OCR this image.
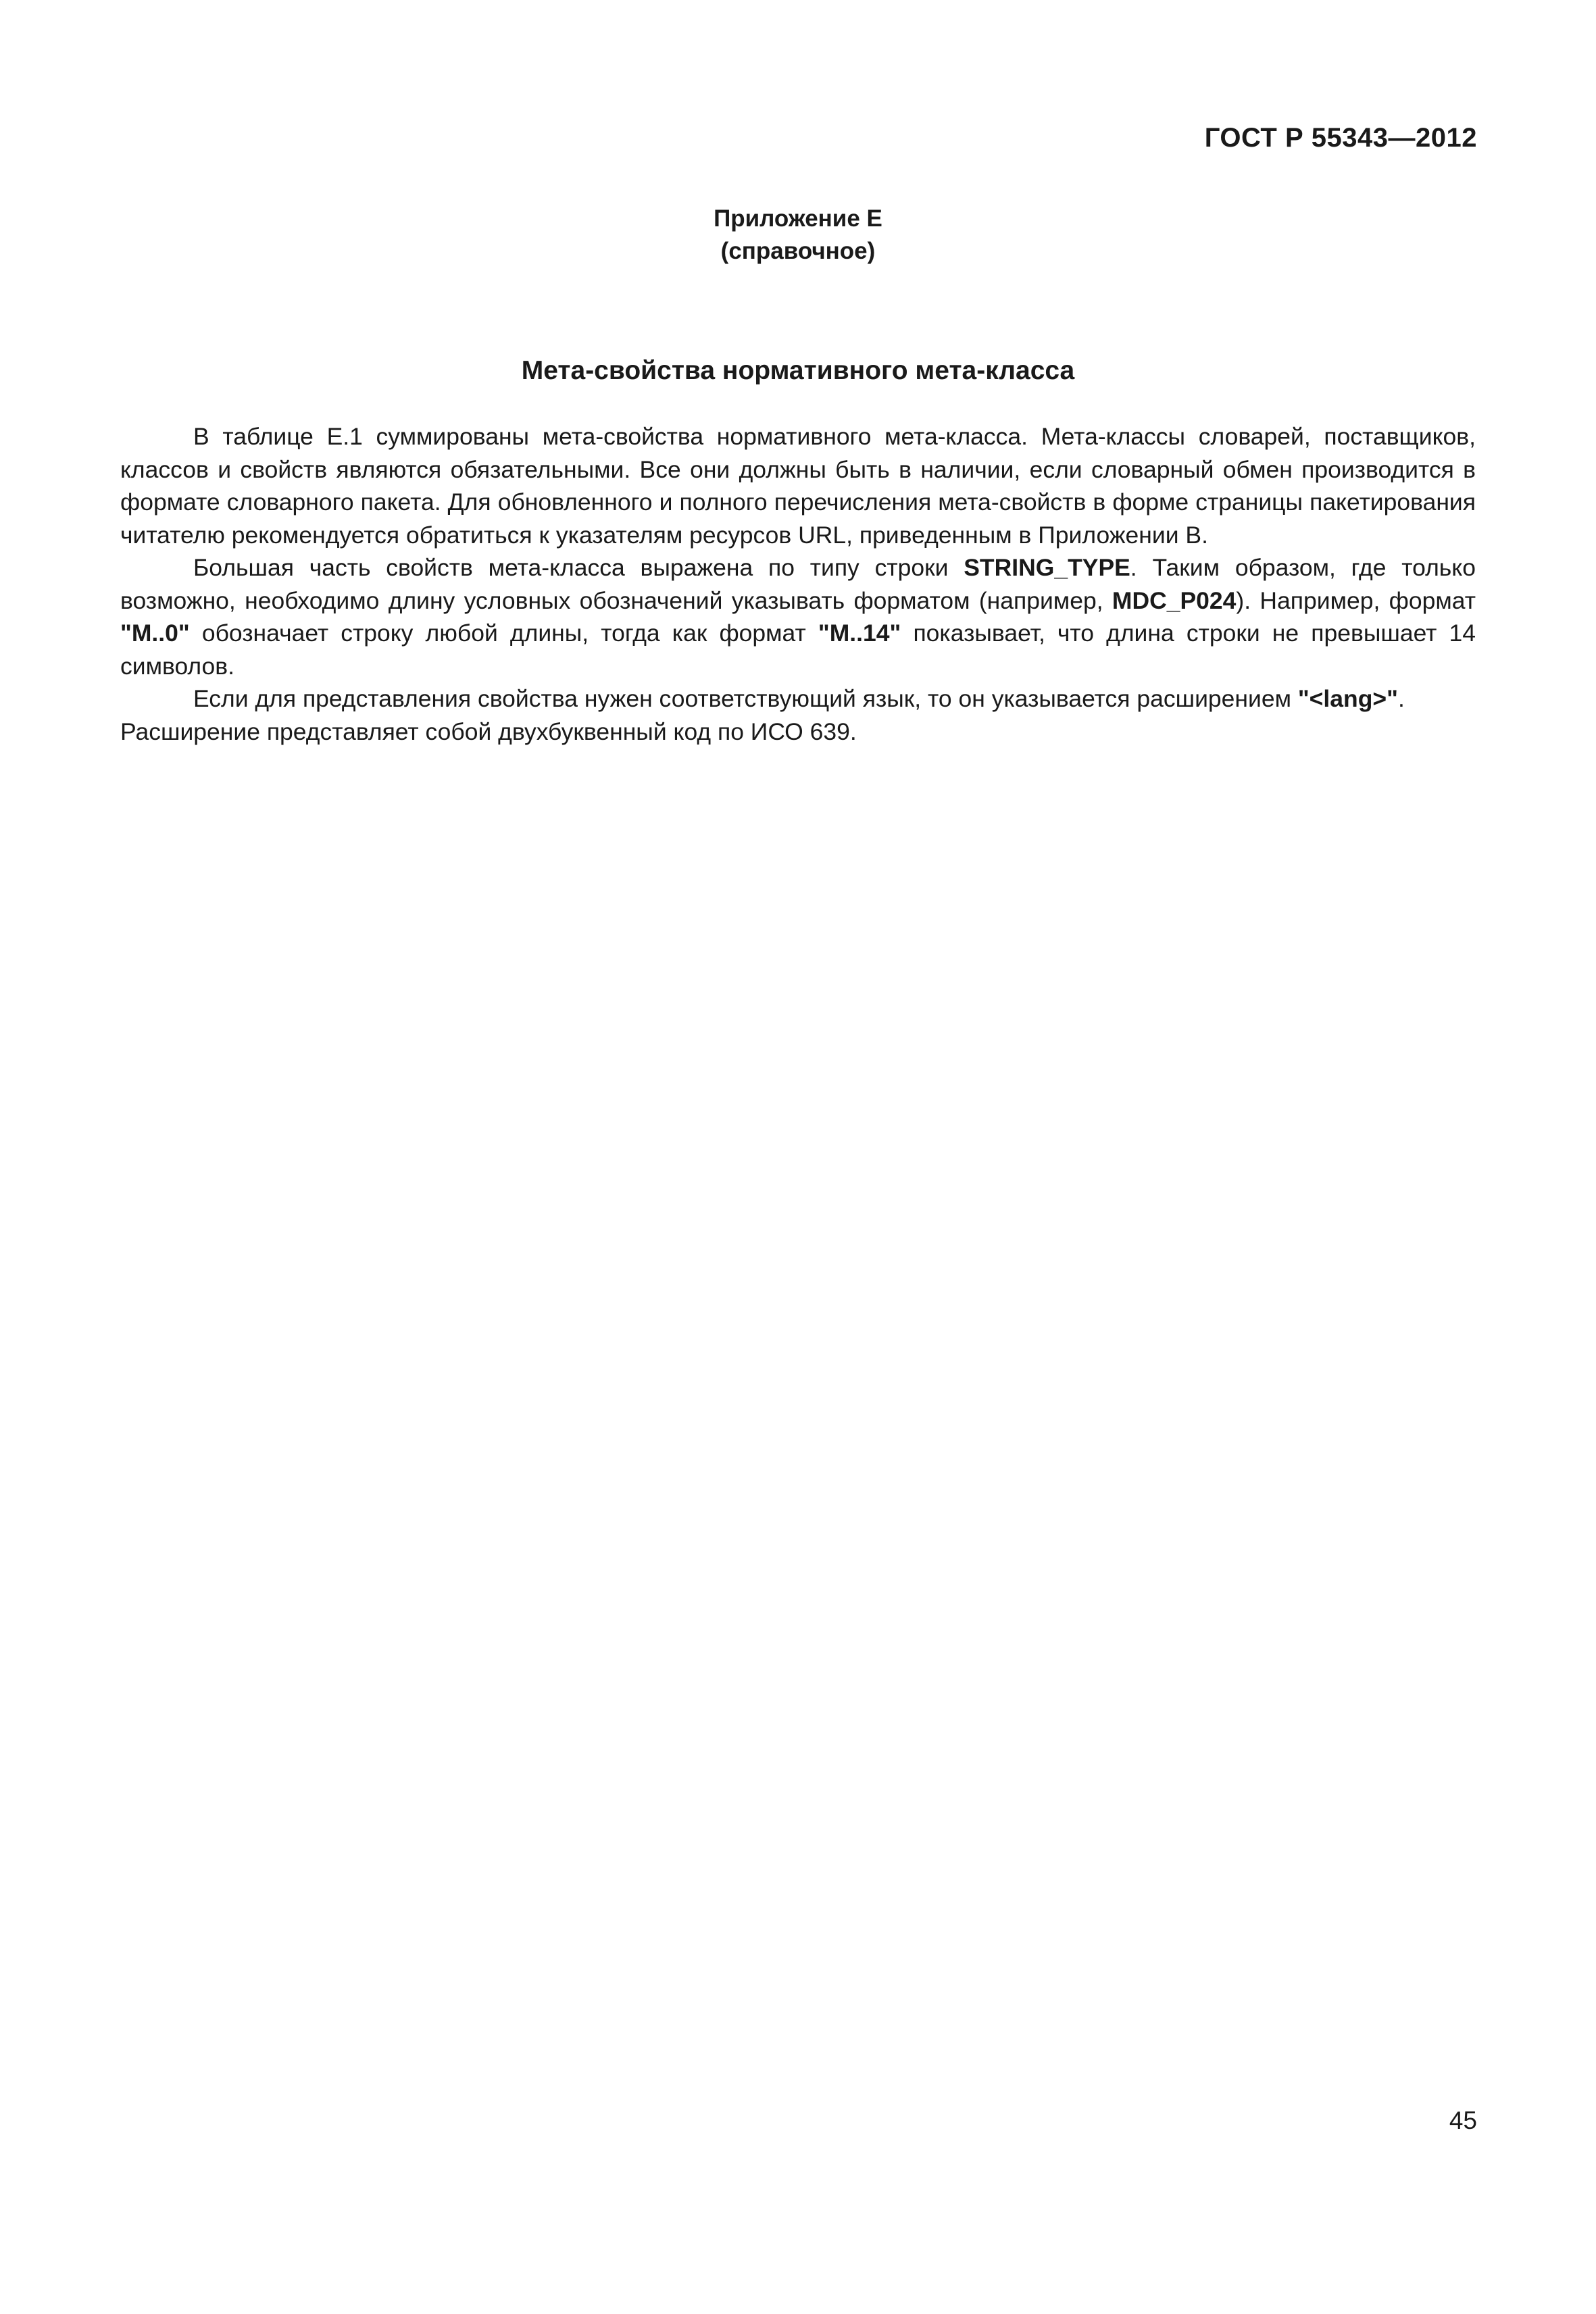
ГОСТ Р 55343—2012
Приложение Е
(справочное)
Мета-свойства нормативного мета-класса

В таблице Е.1 суммированы мета-свойства нормативного мета-класса. Мета-классы словарей, поставщиков, классов и свойств являются обязательными. Все они должны быть в наличии, если словарный обмен производится в формате словарного пакета. Для обновленного и полного перечисления мета-свойств в форме страницы пакетирования читателю рекомендуется обратиться к указателям ресурсов URL, приведенным в Приложении В.

Большая часть свойств мета-класса выражена по типу строки STRING_TYPE. Таким образом, где только возможно, необходимо длину условных обозначений указывать форматом (например, MDC_P024). Например, формат "M..0" обозначает строку любой длины, тогда как формат "M..14" показывает, что длина строки не превышает 14 символов.

Если для представления свойства нужен соответствующий язык, то он указывается расширением "<lang>".

Расширение представляет собой двухбуквенный код по ИСО 639.

45
